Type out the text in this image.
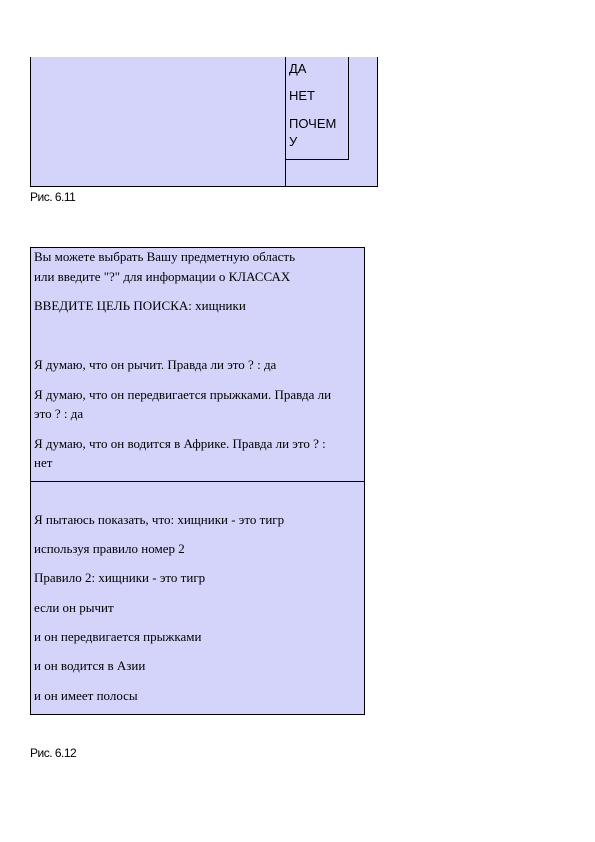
ДА
НЕТ
ПОЧЕМ
У
Рис. 6.11
Вы можете выбрать Вашу предметную область
или введите "?" для информации о КЛАССАХ
ВВЕДИТЕ ЦЕЛЬ ПОИСКА: хищники
Я думаю, что он рычит. Правда ли это ? : да
Я думаю, что он передвигается прыжками. Правда ли
это ? : да
Я думаю, что он водится в Африке. Правда ли это ? :
нет
Я пытаюсь показать, что: хищники - это тигр
используя правило номер 2
Правило 2: хищники - это тигр
если он рычит
и он передвигается прыжками
и он водится в Азии
и он имеет полосы
Рис. 6.12
